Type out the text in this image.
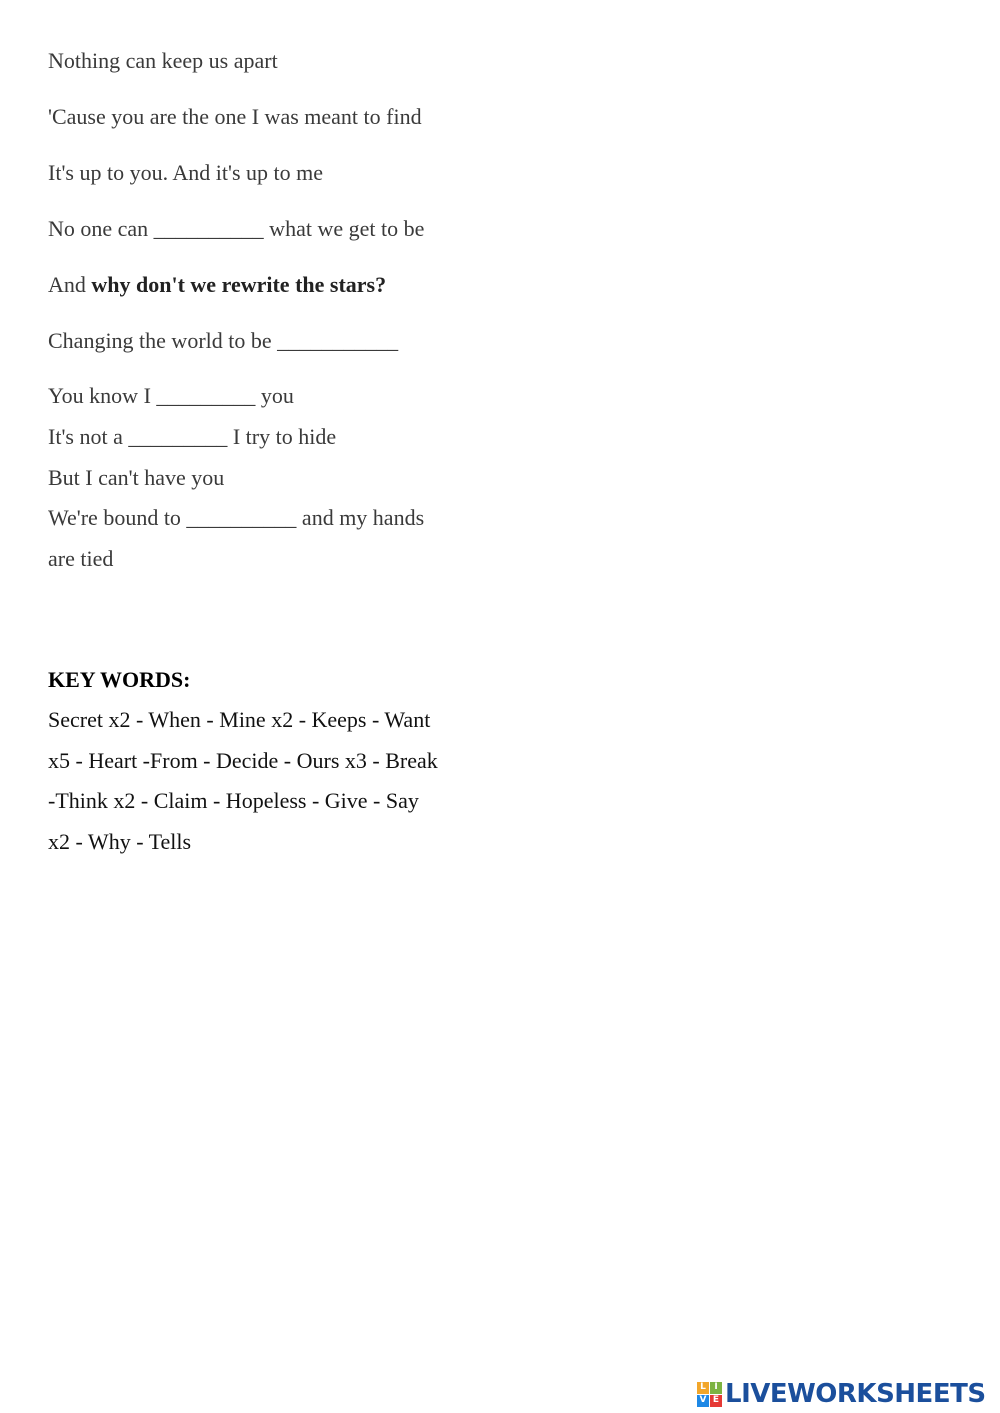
Nothing can keep us apart
'Cause you are the one I was meant to find
It's up to you. And it's up to me
No one can __________ what we get to be
And why don't we rewrite the stars?
Changing the world to be ___________
You know I _________ you
It's not a _________ I try to hide
But I can't have you
We're bound to __________ and my hands
are tied
KEY WORDS:
Secret x2 - When - Mine x2 - Keeps - Want
x5 - Heart -From - Decide - Ours x3 - Break
-Think x2 - Claim - Hopeless - Give - Say
x2 - Why - Tells
L I
V E LIVEWORKSHEETS
